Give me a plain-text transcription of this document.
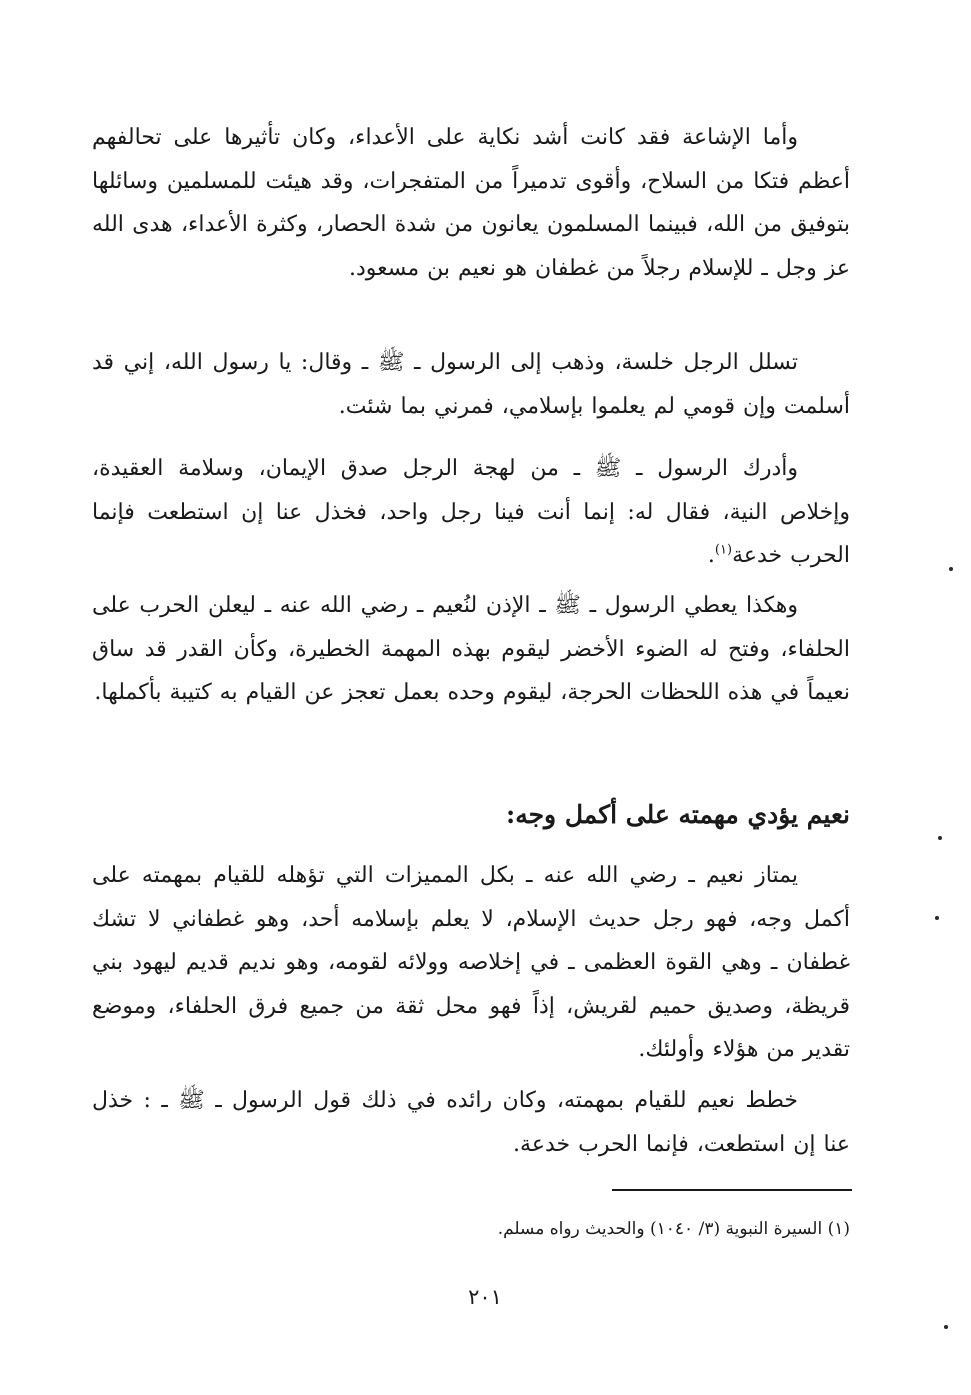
وأما الإشاعة فقد كانت أشد نكاية على الأعداء، وكان تأثيرها على تحالفهم أعظم فتكا من السلاح، وأقوى تدميراً من المتفجرات، وقد هيئت للمسلمين وسائلها بتوفيق من الله، فبينما المسلمون يعانون من شدة الحصار، وكثرة الأعداء، هدى الله عز وجل ـ للإسلام رجلاً من غطفان هو نعيم بن مسعود.

تسلل الرجل خلسة، وذهب إلى الرسول ـ ﷺ ـ وقال: يا رسول الله، إني قد أسلمت وإن قومي لم يعلموا بإسلامي، فمرني بما شئت.

وأدرك الرسول ـ ﷺ ـ من لهجة الرجل صدق الإيمان، وسلامة العقيدة، وإخلاص النية، فقال له: إنما أنت فينا رجل واحد، فخذل عنا إن استطعت فإنما الحرب خدعة$^{(١)}$.

وهكذا يعطي الرسول ـ ﷺ ـ الإذن لنُعيم ـ رضي الله عنه ـ ليعلن الحرب على الحلفاء، وفتح له الضوء الأخضر ليقوم بهذه المهمة الخطيرة، وكأن القدر قد ساق نعيماً في هذه اللحظات الحرجة، ليقوم وحده بعمل تعجز عن القيام به كتيبة بأكملها.

نعيم يؤدي مهمته على أكمل وجه:

يمتاز نعيم ـ رضي الله عنه ـ بكل المميزات التي تؤهله للقيام بمهمته على أكمل وجه، فهو رجل حديث الإسلام، لا يعلم بإسلامه أحد، وهو غطفاني لا تشك غطفان ـ وهي القوة العظمى ـ في إخلاصه وولائه لقومه، وهو نديم قديم ليهود بني قريظة، وصديق حميم لقريش، إذاً فهو محل ثقة من جميع فرق الحلفاء، وموضع تقدير من هؤلاء وأولئك.

خطط نعيم للقيام بمهمته، وكان رائده في ذلك قول الرسول ـ ﷺ ـ : خذل عنا إن استطعت، فإنما الحرب خدعة.

(١) السيرة النبوية (٣/ ١٠٤٠) والحديث رواه مسلم.

٢٠١
